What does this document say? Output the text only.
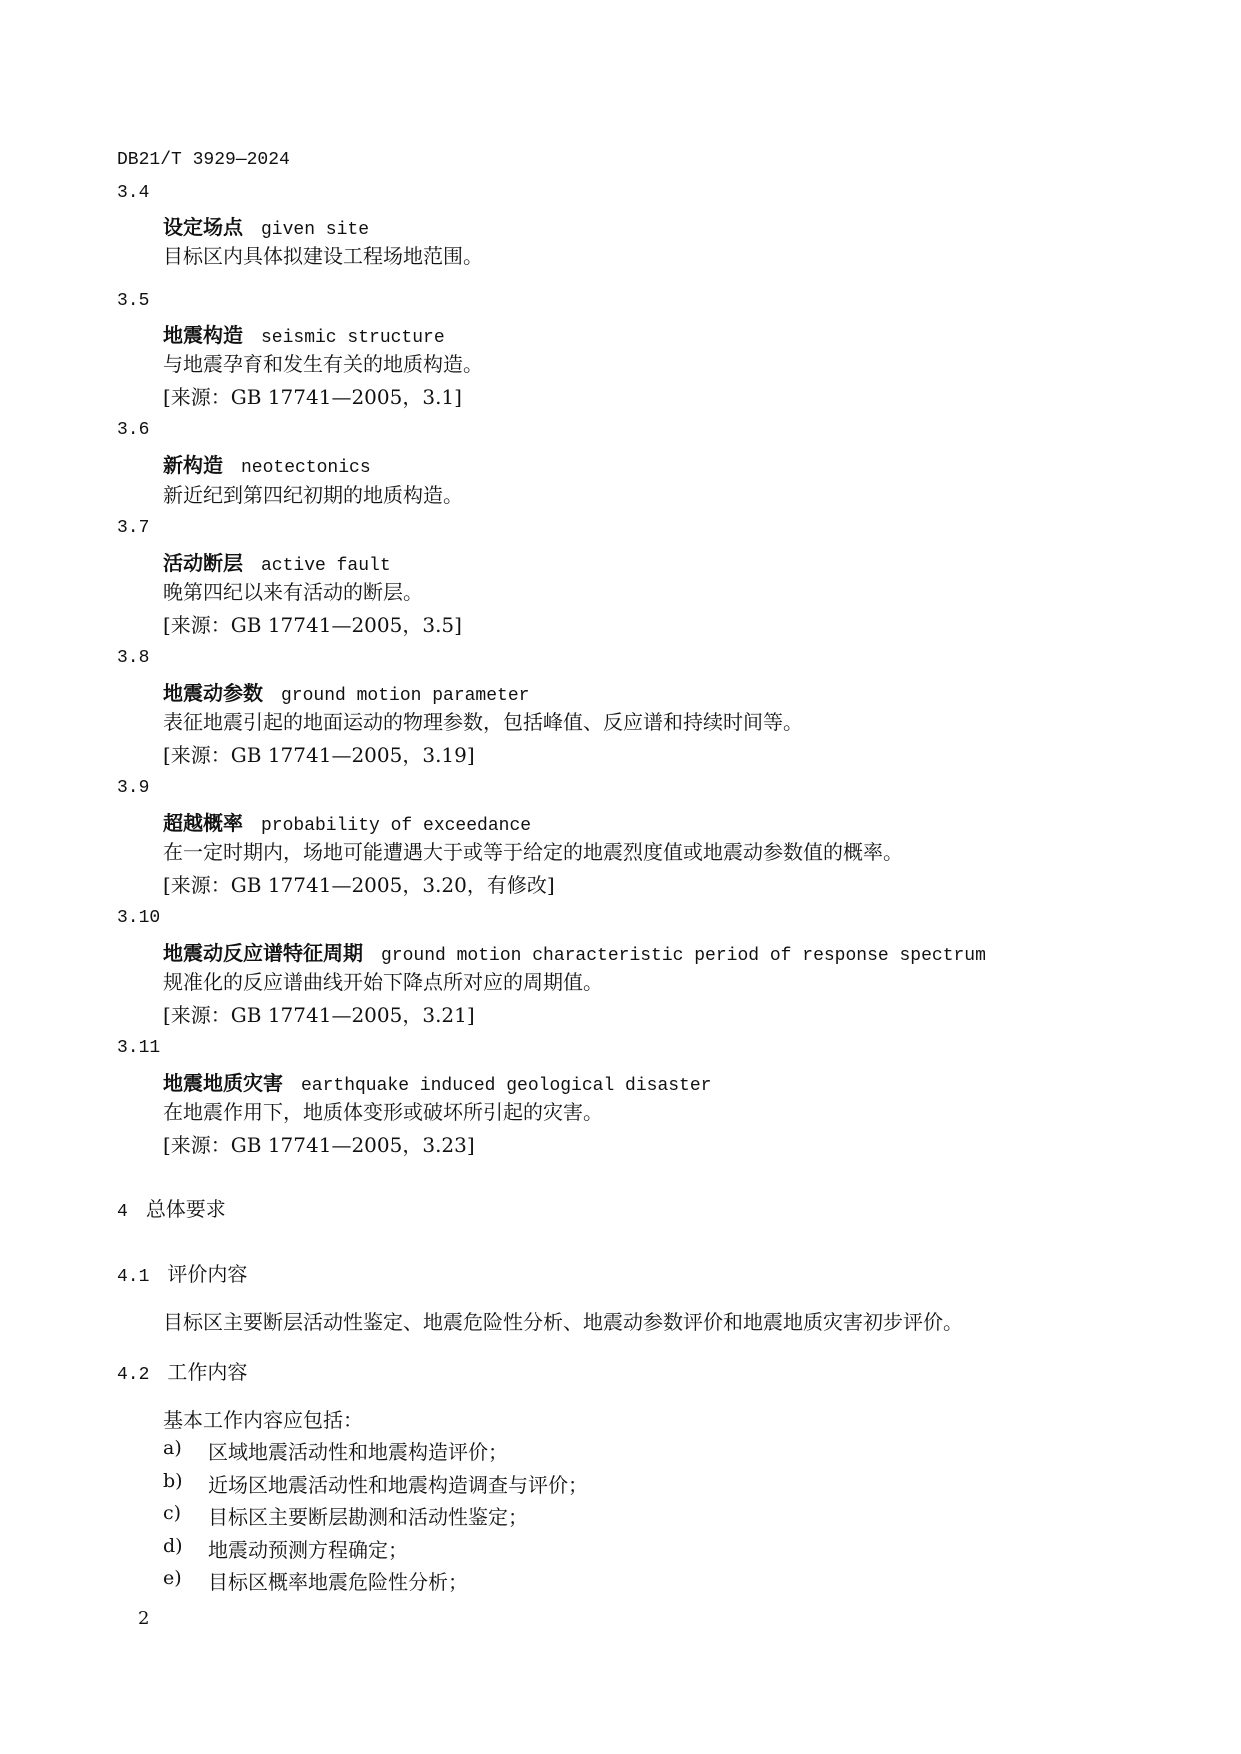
DB21/T 3929—2024
3.4
设定场点 given site
目标区内具体拟建设工程场地范围。
3.5
地震构造 seismic structure
与地震孕育和发生有关的地质构造。
[来源：GB 17741—2005，3.1]
3.6
新构造 neotectonics
新近纪到第四纪初期的地质构造。
3.7
活动断层 active fault
晚第四纪以来有活动的断层。
[来源：GB 17741—2005，3.5]
3.8
地震动参数 ground motion parameter
表征地震引起的地面运动的物理参数，包括峰值、反应谱和持续时间等。
[来源：GB 17741—2005，3.19]
3.9
超越概率 probability of exceedance
在一定时期内，场地可能遭遇大于或等于给定的地震烈度值或地震动参数值的概率。
[来源：GB 17741—2005，3.20，有修改]
3.10
地震动反应谱特征周期 ground motion characteristic period of response spectrum
规准化的反应谱曲线开始下降点所对应的周期值。
[来源：GB 17741—2005，3.21]
3.11
地震地质灾害 earthquake induced geological disaster
在地震作用下，地质体变形或破坏所引起的灾害。
[来源：GB 17741—2005，3.23]
4 总体要求
4.1 评价内容
目标区主要断层活动性鉴定、地震危险性分析、地震动参数评价和地震地质灾害初步评价。
4.2 工作内容
基本工作内容应包括：
a) 区域地震活动性和地震构造评价；
b) 近场区地震活动性和地震构造调查与评价；
c) 目标区主要断层勘测和活动性鉴定；
d) 地震动预测方程确定；
e) 目标区概率地震危险性分析；
2
